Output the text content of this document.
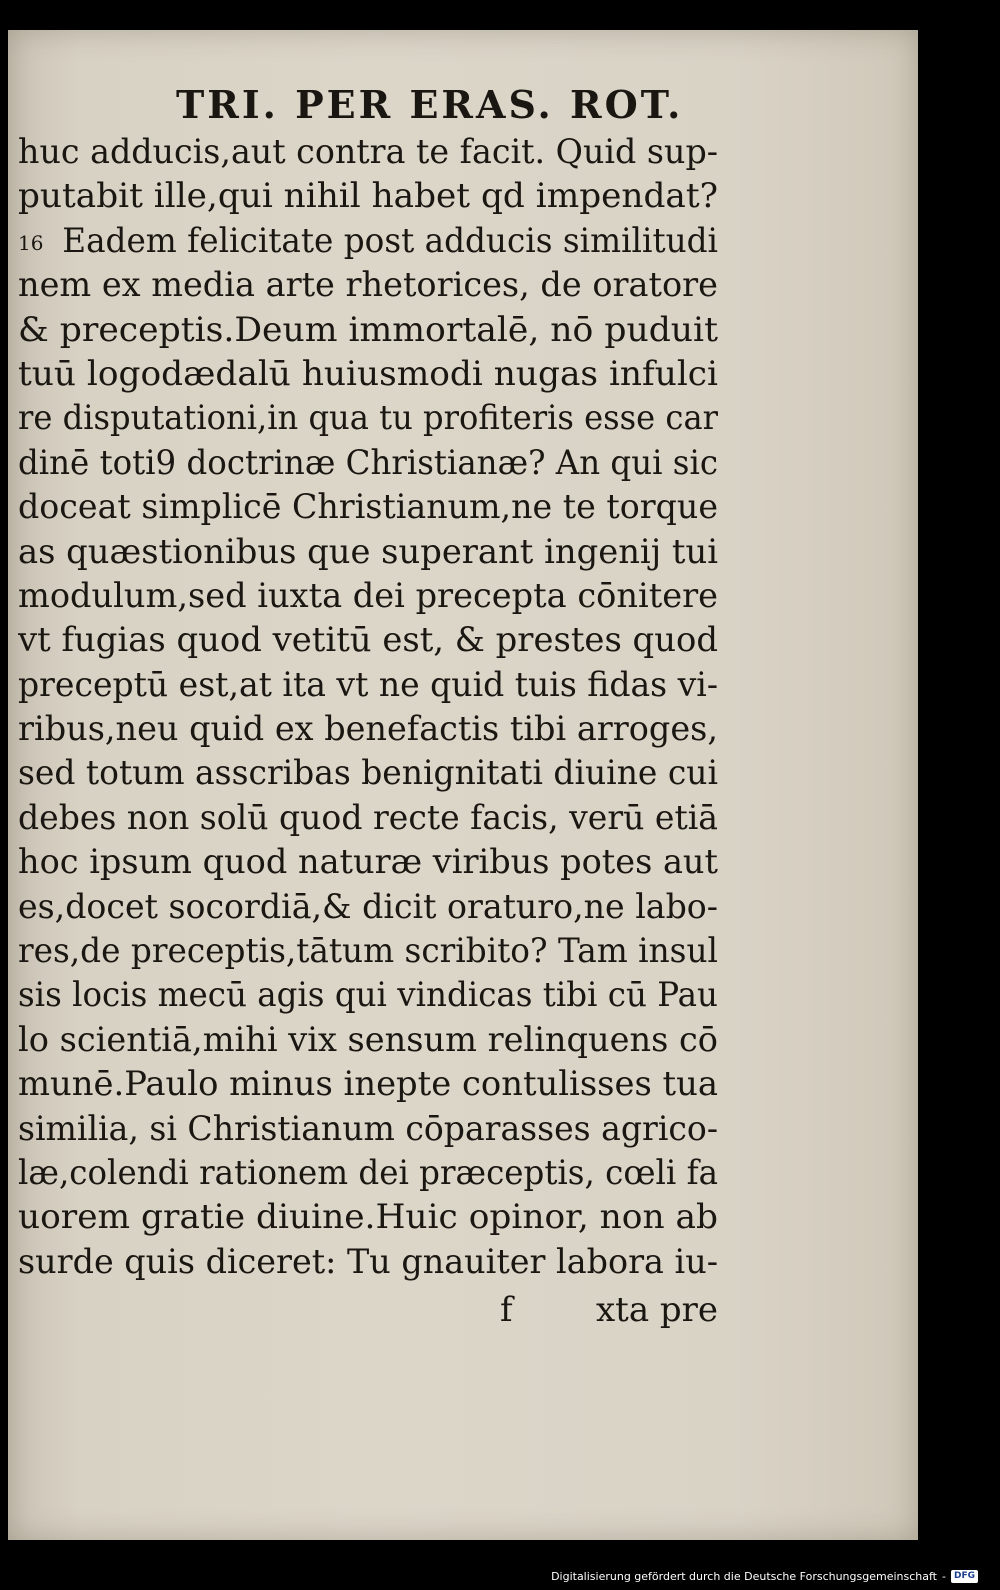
TRI. PER ERAS. ROT.
huc adducis,aut contra te facit. Quid sup-
putabit ille,qui nihil habet qd impendat?
16 Eadem felicitate post adducis similitudi
nem ex media arte rhetorices, de oratore
& preceptis.Deum immortalē, nō puduit
tuū logodædalū huiusmodi nugas infulci
re disputationi,in qua tu profiteris esse car
dinē toti9 doctrinæ Christianæ? An qui sic
doceat simplicē Christianum,ne te torque
as quæstionibus que superant ingenij tui
modulum,sed iuxta dei precepta cōnitere
vt fugias quod vetitū est, & prestes quod
preceptū est,at ita vt ne quid tuis fidas vi-
ribus,neu quid ex benefactis tibi arroges,
sed totum asscribas benignitati diuine cui
debes non solū quod recte facis, verū etiā
hoc ipsum quod naturæ viribus potes aut
es,docet socordiā,& dicit oraturo,ne labo-
res,de preceptis,tātum scribito? Tam insul
sis locis mecū agis qui vindicas tibi cū Pau
lo scientiā,mihi vix sensum relinquens cō
munē.Paulo minus inepte contulisses tua
similia, si Christianum cōparasses agrico-
læ,colendi rationem dei præceptis, cœli fa
uorem gratie diuine.Huic opinor, non ab
surde quis diceret: Tu gnauiter labora iu-
f xta pre
Digitalisierung gefördert durch die Deutsche Forschungsgemeinschaft - DFG
